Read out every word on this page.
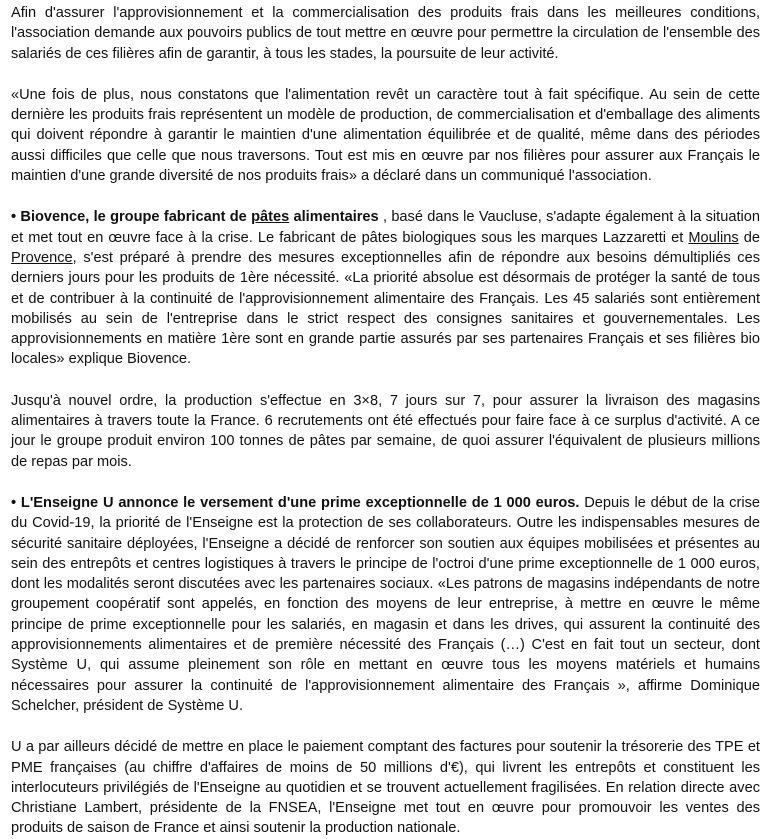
Afin d'assurer l'approvisionnement et la commercialisation des produits frais dans les meilleures conditions, l'association demande aux pouvoirs publics de tout mettre en œuvre pour permettre la circulation de l'ensemble des salariés de ces filières afin de garantir, à tous les stades, la poursuite de leur activité.

«Une fois de plus, nous constatons que l'alimentation revêt un caractère tout à fait spécifique. Au sein de cette dernière les produits frais représentent un modèle de production, de commercialisation et d'emballage des aliments qui doivent répondre à garantir le maintien d'une alimentation équilibrée et de qualité, même dans des périodes aussi difficiles que celle que nous traversons. Tout est mis en œuvre par nos filières pour assurer aux Français le maintien d'une grande diversité de nos produits frais» a déclaré dans un communiqué l'association.

• Biovence, le groupe fabricant de pâtes alimentaires , basé dans le Vaucluse, s'adapte également à la situation et met tout en œuvre face à la crise. Le fabricant de pâtes biologiques sous les marques Lazzaretti et Moulins de Provence, s'est préparé à prendre des mesures exceptionnelles afin de répondre aux besoins démultipliés ces derniers jours pour les produits de 1ère nécessité. «La priorité absolue est désormais de protéger la santé de tous et de contribuer à la continuité de l'approvisionnement alimentaire des Français. Les 45 salariés sont entièrement mobilisés au sein de l'entreprise dans le strict respect des consignes sanitaires et gouvernementales. Les approvisionnements en matière 1ère sont en grande partie assurés par ses partenaires Français et ses filières bio locales» explique Biovence.

Jusqu'à nouvel ordre, la production s'effectue en 3×8, 7 jours sur 7, pour assurer la livraison des magasins alimentaires à travers toute la France. 6 recrutements ont été effectués pour faire face à ce surplus d'activité. A ce jour le groupe produit environ 100 tonnes de pâtes par semaine, de quoi assurer l'équivalent de plusieurs millions de repas par mois.

• L'Enseigne U annonce le versement d'une prime exceptionnelle de 1 000 euros. Depuis le début de la crise du Covid-19, la priorité de l'Enseigne est la protection de ses collaborateurs. Outre les indispensables mesures de sécurité sanitaire déployées, l'Enseigne a décidé de renforcer son soutien aux équipes mobilisées et présentes au sein des entrepôts et centres logistiques à travers le principe de l'octroi d'une prime exceptionnelle de 1 000 euros, dont les modalités seront discutées avec les partenaires sociaux. «Les patrons de magasins indépendants de notre groupement coopératif sont appelés, en fonction des moyens de leur entreprise, à mettre en œuvre le même principe de prime exceptionnelle pour les salariés, en magasin et dans les drives, qui assurent la continuité des approvisionnements alimentaires et de première nécessité des Français (…) C'est en fait tout un secteur, dont Système U, qui assume pleinement son rôle en mettant en œuvre tous les moyens matériels et humains nécessaires pour assurer la continuité de l'approvisionnement alimentaire des Français », affirme Dominique Schelcher, président de Système U.

U a par ailleurs décidé de mettre en place le paiement comptant des factures pour soutenir la trésorerie des TPE et PME françaises (au chiffre d'affaires de moins de 50 millions d'€), qui livrent les entrepôts et constituent les interlocuteurs privilégiés de l'Enseigne au quotidien et se trouvent actuellement fragilisées. En relation directe avec Christiane Lambert, présidente de la FNSEA, l'Enseigne met tout en œuvre pour promouvoir les ventes des produits de saison de France et ainsi soutenir la production nationale.
